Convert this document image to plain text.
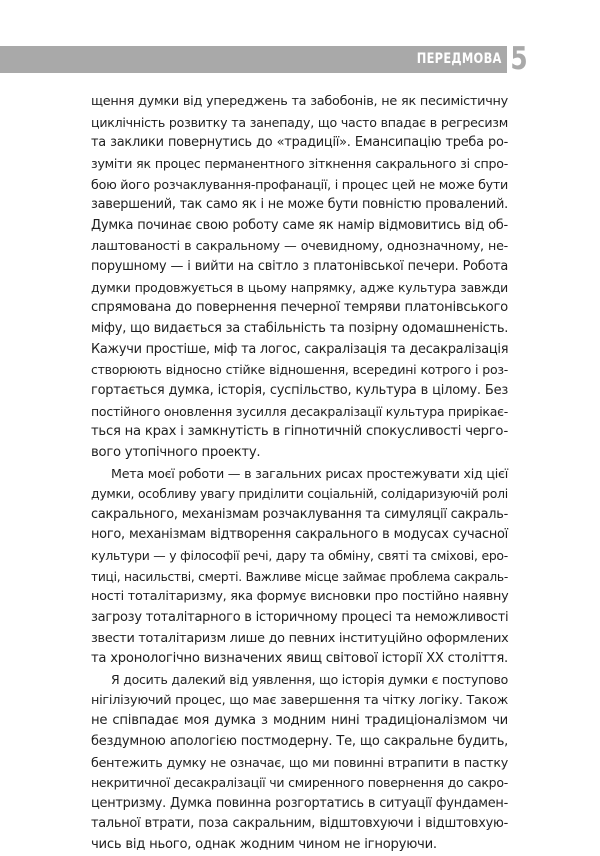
ПЕРЕДМОВА 5
щення думки від упереджень та забобонів, не як песимістичну
циклічність розвитку та занепаду, що часто впадає в регресизм
та заклики повернутись до «традиції». Емансипацію треба ро-
зуміти як процес перманентного зіткнення сакрального зі спро-
бою його розчаклування-профанації, і процес цей не може бути
завершений, так само як і не може бути повністю провалений.
Думка починає свою роботу саме як намір відмовитись від об-
лаштованості в сакральному — очевидному, однозначному, не-
порушному — і вийти на світло з платонівської печери. Робота
думки продовжується в цьому напрямку, адже культура завжди
спрямована до повернення печерної темряви платонівського
міфу, що видається за стабільність та позірну одомашненість.
Кажучи простіше, міф та логос, сакралізація та десакралізація
створюють відносно стійке відношення, всередині котрого і роз-
гортається думка, історія, суспільство, культура в цілому. Без
постійного оновлення зусилля десакралізації культура прирікає-
ться на крах і замкнутість в гіпнотичній спокусливості чергo-
вого утопічного проекту.
Мета моєї роботи — в загальних рисах простежувати хід цієї
думки, особливу увагу приділити соціальній, солідаризуючій ролі
сакрального, механізмам розчаклування та симуляції сакраль-
ного, механізмам відтворення сакрального в модусах сучасної
культури — у філософії речі, дару та обміну, святі та сміхові, еро-
тиці, насильстві, смерті. Важливе місце займає проблема сакраль-
ності тоталітаризму, яка формує висновки про постійно наявну
загрозу тоталітарного в історичному процесі та неможливості
звести тоталітаризм лише до певних інституційно оформлених
та хронологічно визначених явищ світової історії XX століття.
Я досить далекий від уявлення, що історія думки є поступово
нігілізуючий процес, що має завершення та чітку логіку. Також
не співпадає моя думка з модним нині традиціоналізмом чи
бездумною апологією постмодерну. Те, що сакральне будить,
бентежить думку не означає, що ми повинні втрапити в пастку
некритичної десакралізації чи смиренного повернення до сакро-
центризму. Думка повинна розгортатись в ситуації фундамен-
тальної втрати, поза сакральним, відштовхуючи і відштовхую-
чись від нього, однак жодним чином не ігноруючи.
